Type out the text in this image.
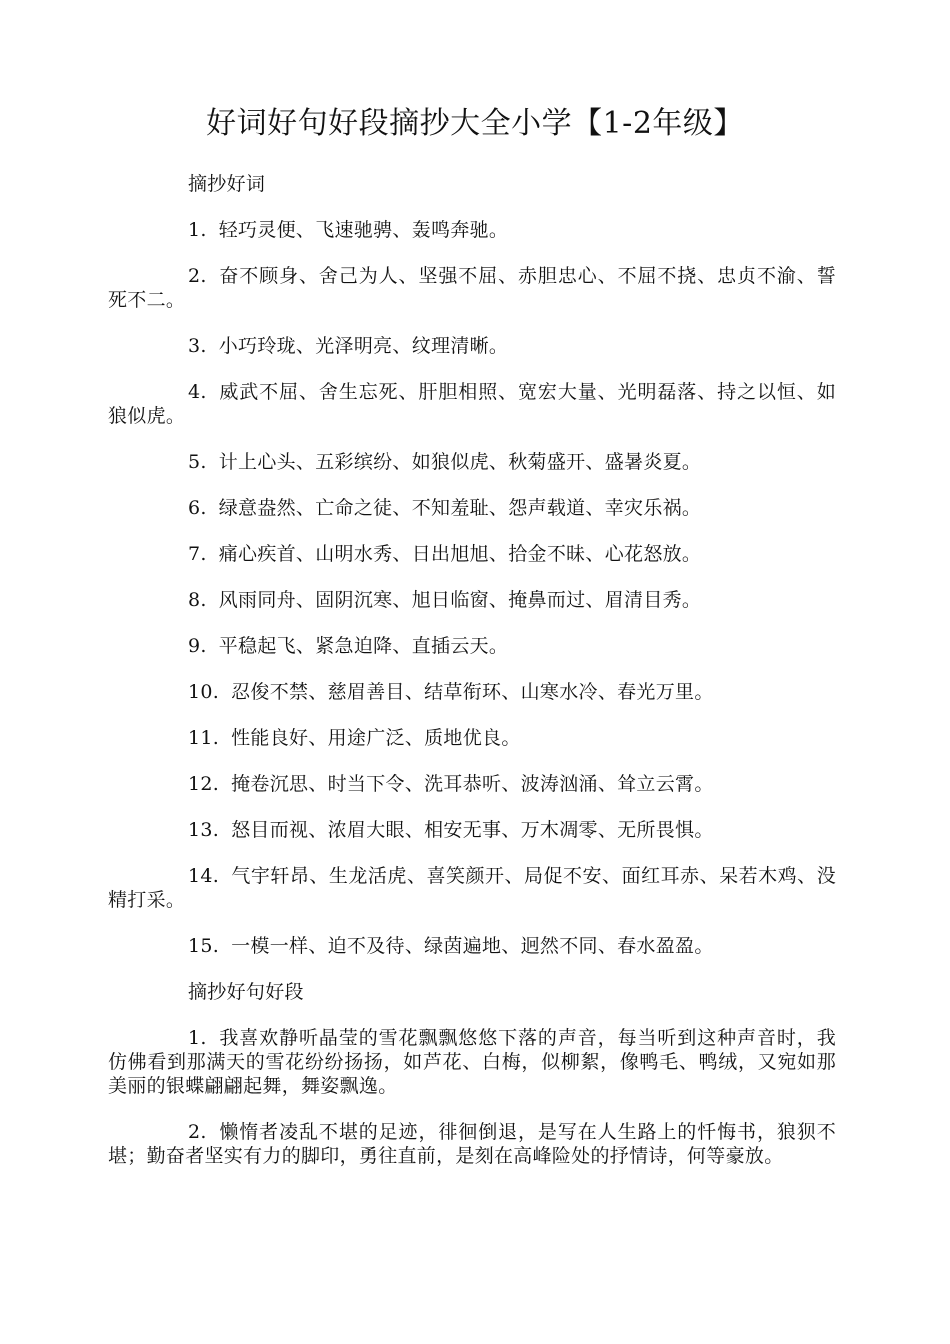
好词好句好段摘抄大全小学【1-2年级】

摘抄好词

1. 轻巧灵便、飞速驰骋、轰鸣奔驰。

2. 奋不顾身、舍己为人、坚强不屈、赤胆忠心、不屈不挠、忠贞不渝、誓死不二。

3. 小巧玲珑、光泽明亮、纹理清晰。

4. 威武不屈、舍生忘死、肝胆相照、宽宏大量、光明磊落、持之以恒、如狼似虎。

5. 计上心头、五彩缤纷、如狼似虎、秋菊盛开、盛暑炎夏。

6. 绿意盎然、亡命之徒、不知羞耻、怨声载道、幸灾乐祸。

7. 痛心疾首、山明水秀、日出旭旭、拾金不昧、心花怒放。

8. 风雨同舟、固阴沉寒、旭日临窗、掩鼻而过、眉清目秀。

9. 平稳起飞、紧急迫降、直插云天。

10. 忍俊不禁、慈眉善目、结草衔环、山寒水冷、春光万里。

11. 性能良好、用途广泛、质地优良。

12. 掩卷沉思、时当下令、洗耳恭听、波涛汹涌、耸立云霄。

13. 怒目而视、浓眉大眼、相安无事、万木凋零、无所畏惧。

14. 气宇轩昂、生龙活虎、喜笑颜开、局促不安、面红耳赤、呆若木鸡、没精打采。

15. 一模一样、迫不及待、绿茵遍地、迥然不同、春水盈盈。

摘抄好句好段

1. 我喜欢静听晶莹的雪花飘飘悠悠下落的声音，每当听到这种声音时，我仿佛看到那满天的雪花纷纷扬扬，如芦花、白梅，似柳絮，像鸭毛、鸭绒，又宛如那美丽的银蝶翩翩起舞，舞姿飘逸。

2. 懒惰者凌乱不堪的足迹，徘徊倒退，是写在人生路上的忏悔书，狼狈不堪；勤奋者坚实有力的脚印，勇往直前，是刻在高峰险处的抒情诗，何等豪放。
